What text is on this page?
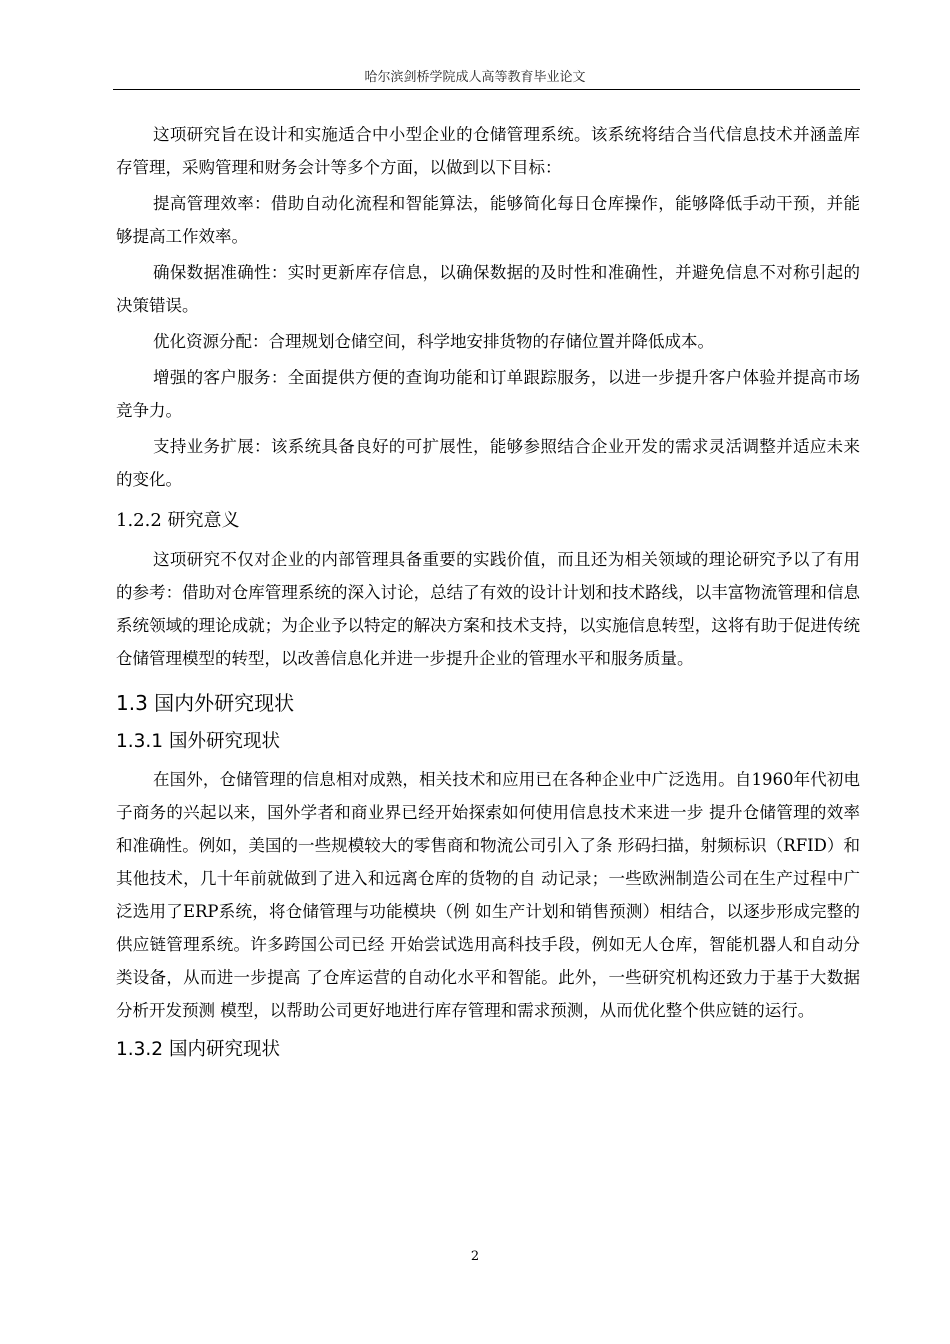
哈尔滨剑桥学院成人高等教育毕业论文

这项研究旨在设计和实施适合中小型企业的仓储管理系统。该系统将结合当代信息技术并涵盖库存管理，采购管理和财务会计等多个方面，以做到以下目标：

提高管理效率：借助自动化流程和智能算法，能够简化每日仓库操作，能够降低手动干预，并能够提高工作效率。

确保数据准确性：实时更新库存信息，以确保数据的及时性和准确性，并避免信息不对称引起的决策错误。

优化资源分配：合理规划仓储空间，科学地安排货物的存储位置并降低成本。

增强的客户服务：全面提供方便的查询功能和订单跟踪服务，以进一步提升客户体验并提高市场竞争力。

支持业务扩展：该系统具备良好的可扩展性，能够参照结合企业开发的需求灵活调整并适应未来的变化。

1.2.2 研究意义

这项研究不仅对企业的内部管理具备重要的实践价值，而且还为相关领域的理论研究予以了有用的参考：借助对仓库管理系统的深入讨论，总结了有效的设计计划和技术路线，以丰富物流管理和信息系统领域的理论成就；为企业予以特定的解决方案和技术支持，以实施信息转型，这将有助于促进传统仓储管理模型的转型，以改善信息化并进一步提升企业的管理水平和服务质量。

1.3 国内外研究现状
1.3.1 国外研究现状

在国外，仓储管理的信息相对成熟，相关技术和应用已在各种企业中广泛选用。自1960年代初电子商务的兴起以来，国外学者和商业界已经开始探索如何使用信息技术来进一步 提升仓储管理的效率和准确性。例如，美国的一些规模较大的零售商和物流公司引入了条 形码扫描，射频标识（RFID）和其他技术，几十年前就做到了进入和远离仓库的货物的自 动记录；一些欧洲制造公司在生产过程中广泛选用了ERP系统，将仓储管理与功能模块（例 如生产计划和销售预测）相结合，以逐步形成完整的供应链管理系统。许多跨国公司已经 开始尝试选用高科技手段，例如无人仓库，智能机器人和自动分类设备，从而进一步提高 了仓库运营的自动化水平和智能。此外，一些研究机构还致力于基于大数据分析开发预测 模型，以帮助公司更好地进行库存管理和需求预测，从而优化整个供应链的运行。

1.3.2 国内研究现状
2
